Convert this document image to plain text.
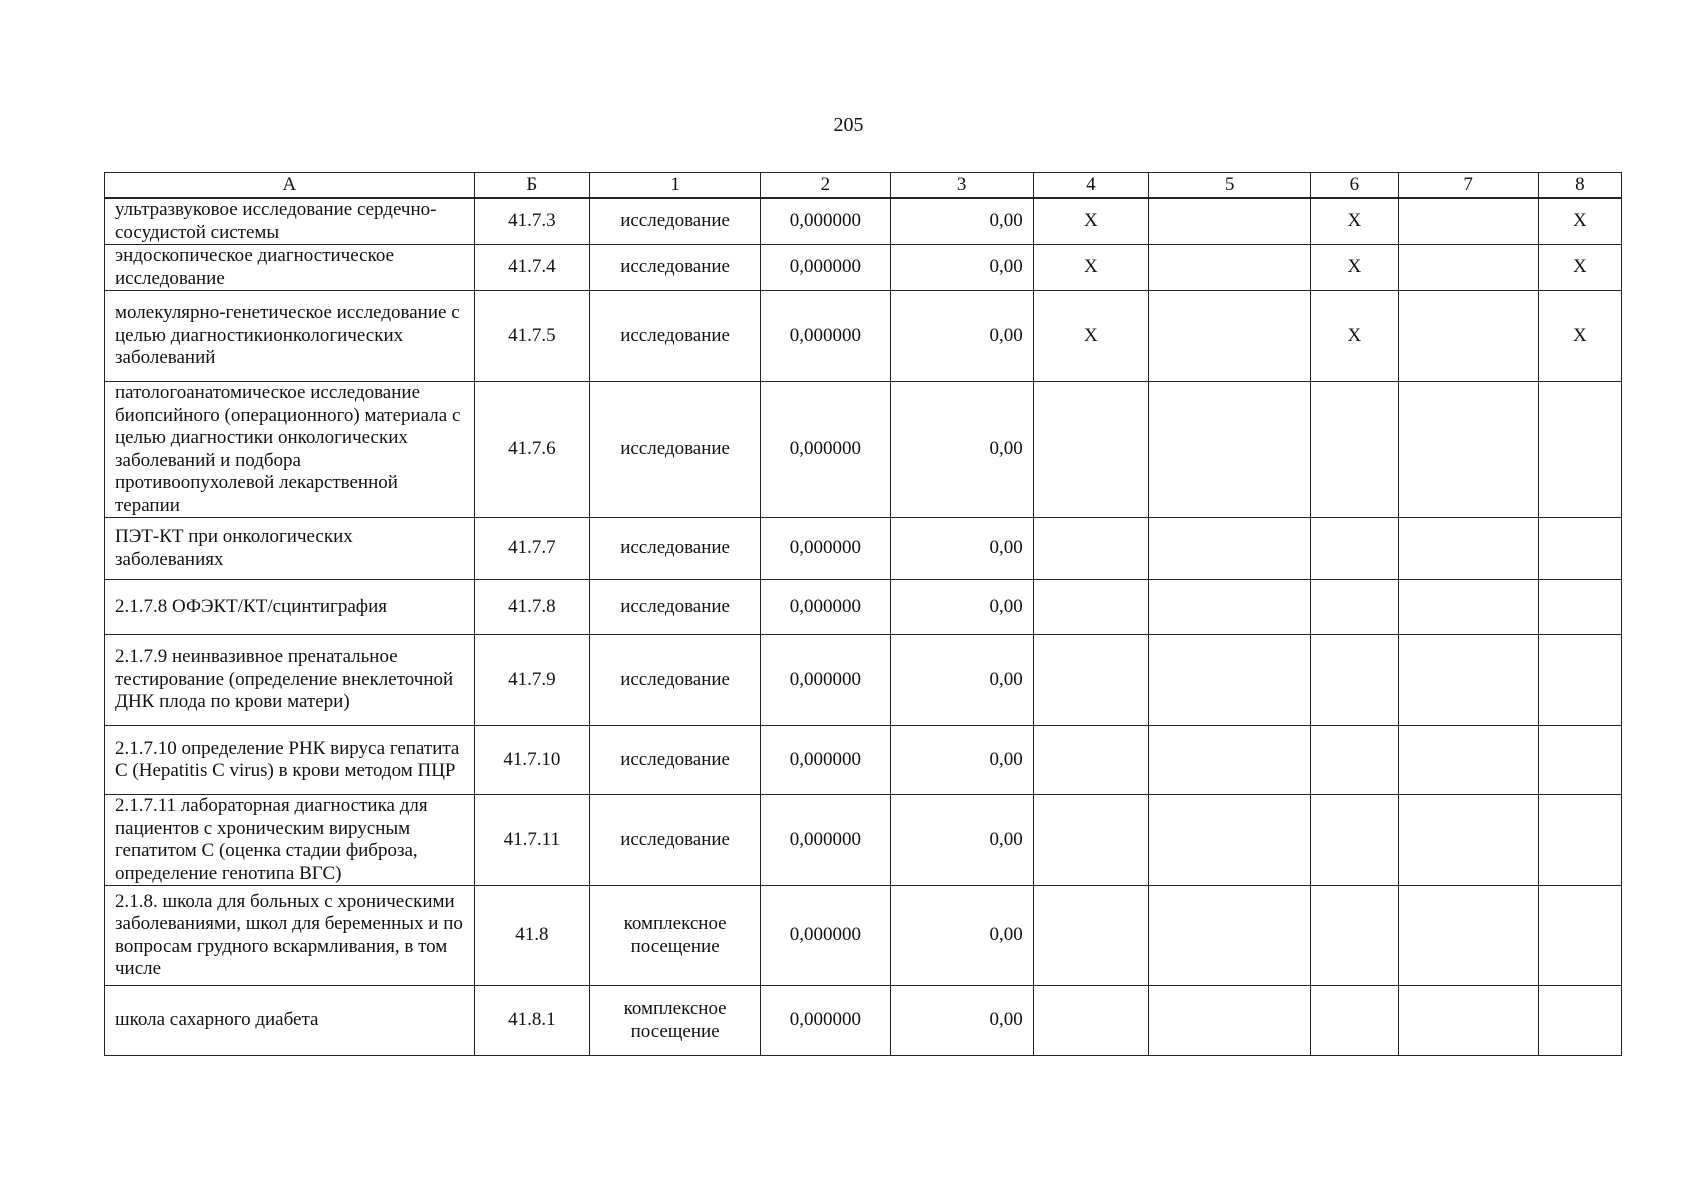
205
А	Б	1	2	3	4	5	6	7	8
ультразвуковое исследование сердечно-сосудистой системы	41.7.3	исследование	0,000000	0,00	X		X		X
эндоскопическое диагностическое исследование	41.7.4	исследование	0,000000	0,00	X		X		X
молекулярно-генетическое исследование с целью диагностикионкологических заболеваний	41.7.5	исследование	0,000000	0,00	X		X		X
патологоанатомическое исследование биопсийного (операционного) материала с целью диагностики онкологических заболеваний и подбора противоопухолевой лекарственной терапии	41.7.6	исследование	0,000000	0,00					
ПЭТ-КТ при онкологических заболеваниях	41.7.7	исследование	0,000000	0,00					
2.1.7.8 ОФЭКТ/КТ/сцинтиграфия	41.7.8	исследование	0,000000	0,00					
2.1.7.9 неинвазивное пренатальное тестирование (определение внеклеточной ДНК плода по крови матери)	41.7.9	исследование	0,000000	0,00					
2.1.7.10 определение РНК вируса гепатита С (Hepatitis C virus) в крови методом ПЦР	41.7.10	исследование	0,000000	0,00					
2.1.7.11 лабораторная диагностика для пациентов с хроническим вирусным гепатитом С (оценка стадии фиброза, определение генотипа ВГС)	41.7.11	исследование	0,000000	0,00					
2.1.8. школа для больных с хроническими заболеваниями, школ для беременных и по вопросам грудного вскармливания, в том числе	41.8	комплексное посещение	0,000000	0,00					
школа сахарного диабета	41.8.1	комплексное посещение	0,000000	0,00					
